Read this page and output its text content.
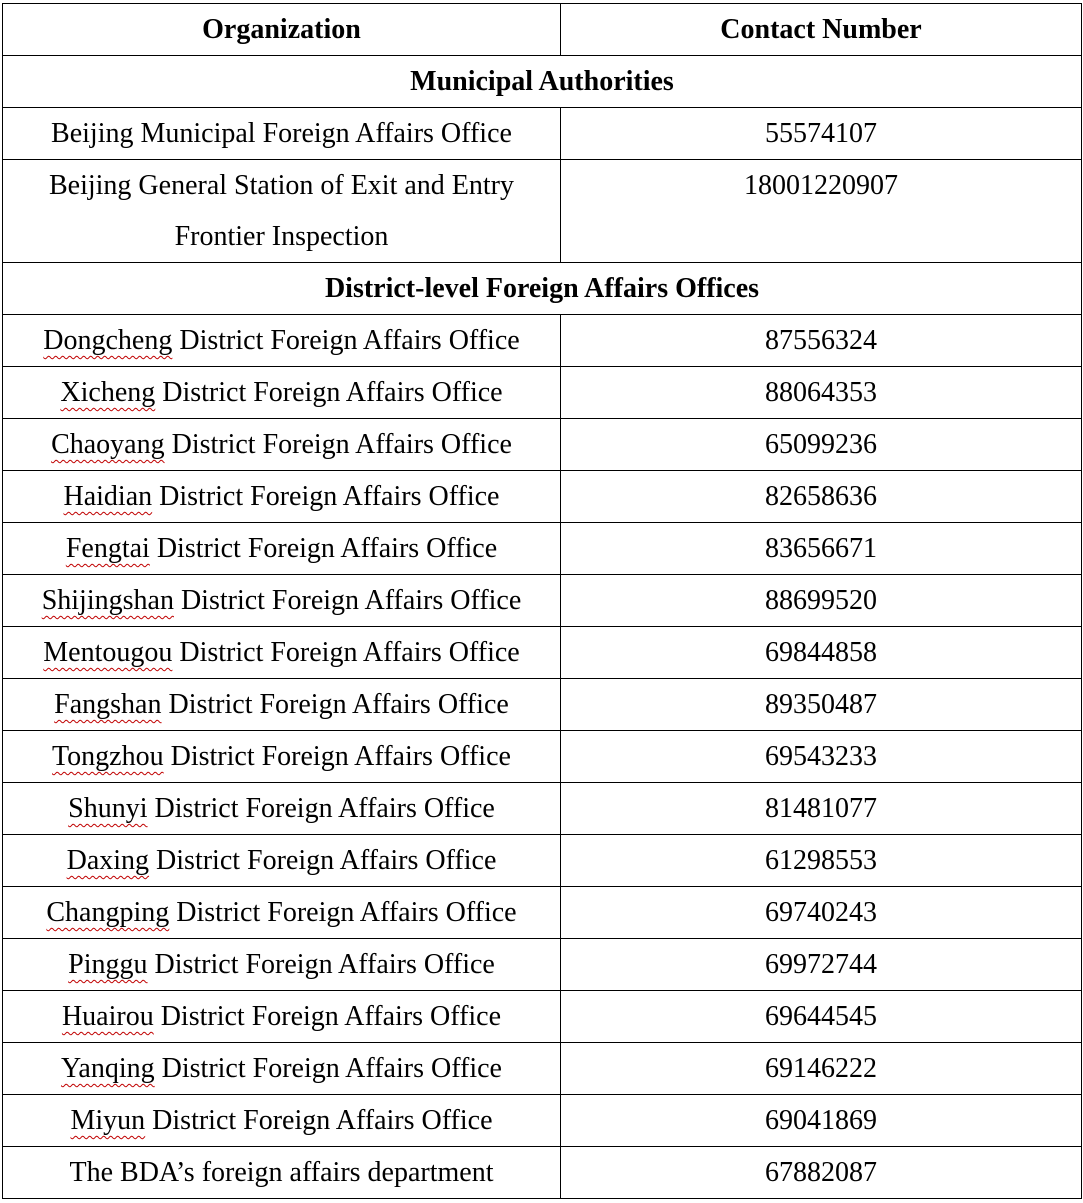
Organization	Contact Number
Municipal Authorities	
Beijing Municipal Foreign Affairs Office	55574107
Beijing General Station of Exit and Entry
Frontier Inspection	18001220907
District-level Foreign Affairs Offices	
Dongcheng District Foreign Affairs Office	87556324
Xicheng District Foreign Affairs Office	88064353
Chaoyang District Foreign Affairs Office	65099236
Haidian District Foreign Affairs Office	82658636
Fengtai District Foreign Affairs Office	83656671
Shijingshan District Foreign Affairs Office	88699520
Mentougou District Foreign Affairs Office	69844858
Fangshan District Foreign Affairs Office	89350487
Tongzhou District Foreign Affairs Office	69543233
Shunyi District Foreign Affairs Office	81481077
Daxing District Foreign Affairs Office	61298553
Changping District Foreign Affairs Office	69740243
Pinggu District Foreign Affairs Office	69972744
Huairou District Foreign Affairs Office	69644545
Yanqing District Foreign Affairs Office	69146222
Miyun District Foreign Affairs Office	69041869
The BDA’s foreign affairs department	67882087
